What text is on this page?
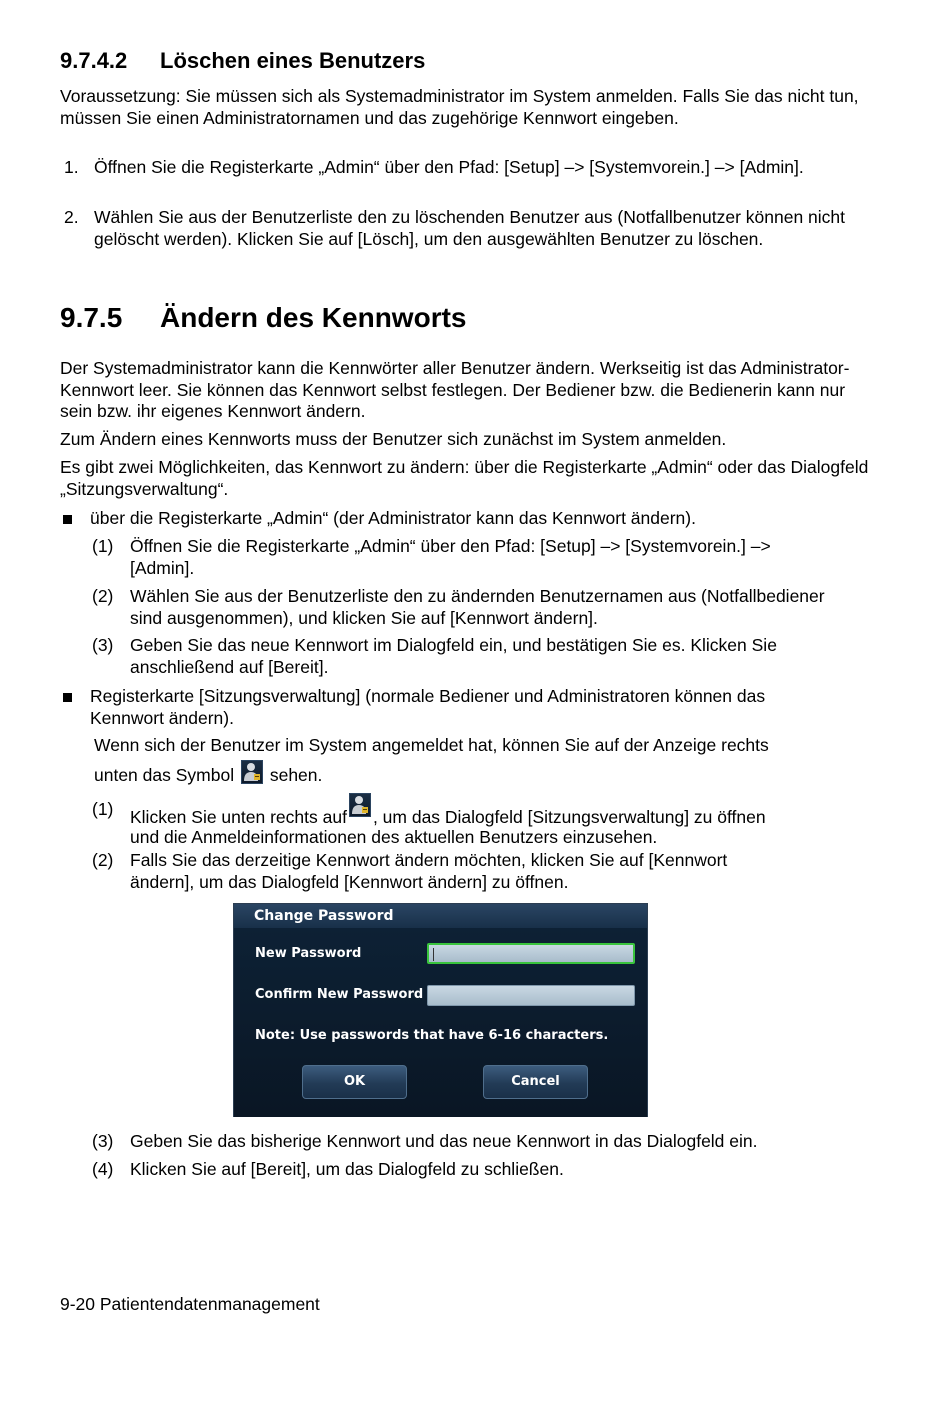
9.7.4.2 Löschen eines Benutzers
Voraussetzung: Sie müssen sich als Systemadministrator im System anmelden. Falls Sie das nicht tun, müssen Sie einen Administratornamen und das zugehörige Kennwort eingeben.
1. Öffnen Sie die Registerkarte „Admin“ über den Pfad: [Setup] –> [Systemvorein.] –> [Admin].
2. Wählen Sie aus der Benutzerliste den zu löschenden Benutzer aus (Notfallbenutzer können nicht gelöscht werden). Klicken Sie auf [Lösch], um den ausgewählten Benutzer zu löschen.
9.7.5 Ändern des Kennworts
Der Systemadministrator kann die Kennwörter aller Benutzer ändern. Werkseitig ist das Administrator-Kennwort leer. Sie können das Kennwort selbst festlegen. Der Bediener bzw. die Bedienerin kann nur sein bzw. ihr eigenes Kennwort ändern.
Zum Ändern eines Kennworts muss der Benutzer sich zunächst im System anmelden.
Es gibt zwei Möglichkeiten, das Kennwort zu ändern: über die Registerkarte „Admin“ oder das Dialogfeld „Sitzungsverwaltung“.
über die Registerkarte „Admin“ (der Administrator kann das Kennwort ändern).
(1) Öffnen Sie die Registerkarte „Admin“ über den Pfad: [Setup] –> [Systemvorein.] –> [Admin].
(2) Wählen Sie aus der Benutzerliste den zu ändernden Benutzernamen aus (Notfallbediener sind ausgenommen), und klicken Sie auf [Kennwort ändern].
(3) Geben Sie das neue Kennwort im Dialogfeld ein, und bestätigen Sie es. Klicken Sie anschließend auf [Bereit].
Registerkarte [Sitzungsverwaltung] (normale Bediener und Administratoren können das Kennwort ändern).
Wenn sich der Benutzer im System angemeldet hat, können Sie auf der Anzeige rechts
unten das Symbol sehen.
(1) Klicken Sie unten rechts auf , um das Dialogfeld [Sitzungsverwaltung] zu öffnen
und die Anmeldeinformationen des aktuellen Benutzers einzusehen.
(2) Falls Sie das derzeitige Kennwort ändern möchten, klicken Sie auf [Kennwort ändern], um das Dialogfeld [Kennwort ändern] zu öffnen.
(3) Geben Sie das bisherige Kennwort und das neue Kennwort in das Dialogfeld ein.
(4) Klicken Sie auf [Bereit], um das Dialogfeld zu schließen.
9-20 Patientendatenmanagement
Change Password
New Password
Confirm New Password
Note: Use passwords that have 6-16 characters.
OK	Cancel
